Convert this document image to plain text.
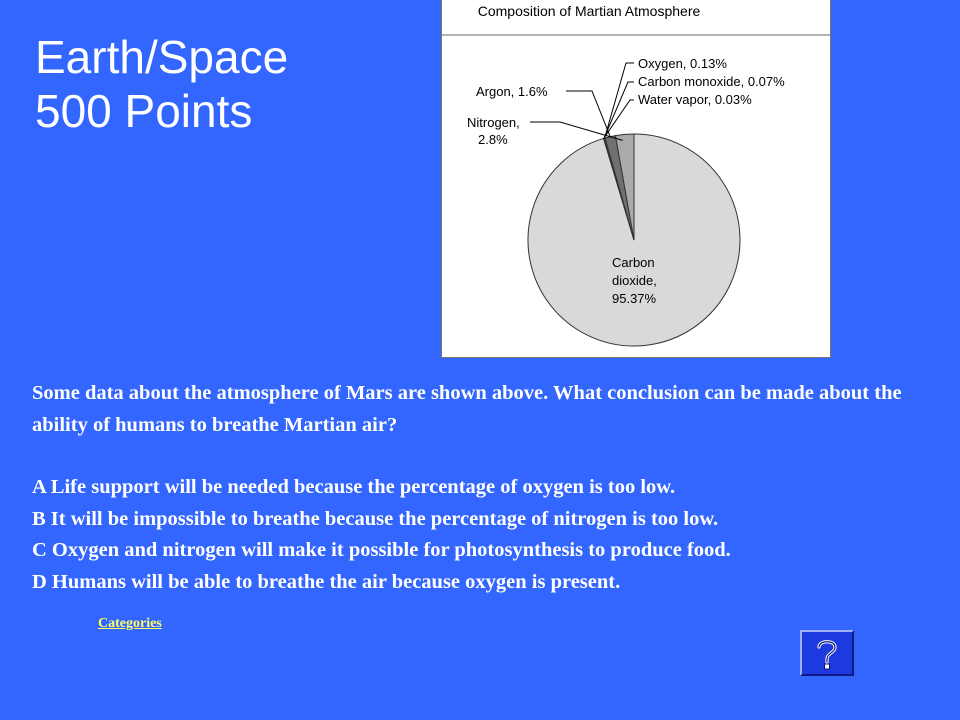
Earth/Space
500 Points
Composition of Martian Atmosphere
Oxygen, 0.13%
Carbon monoxide, 0.07%
Water vapor, 0.03%
Argon, 1.6%
Nitrogen,
2.8%
Carbon
dioxide,
95.37%
Some data about the atmosphere of Mars are shown above. What conclusion can be made about the ability of humans to breathe Martian air?
A Life support will be needed because the percentage of oxygen is too low.
B It will be impossible to breathe because the percentage of nitrogen is too low.
C Oxygen and nitrogen will make it possible for photosynthesis to produce food.
D Humans will be able to breathe the air because oxygen is present.
Categories
